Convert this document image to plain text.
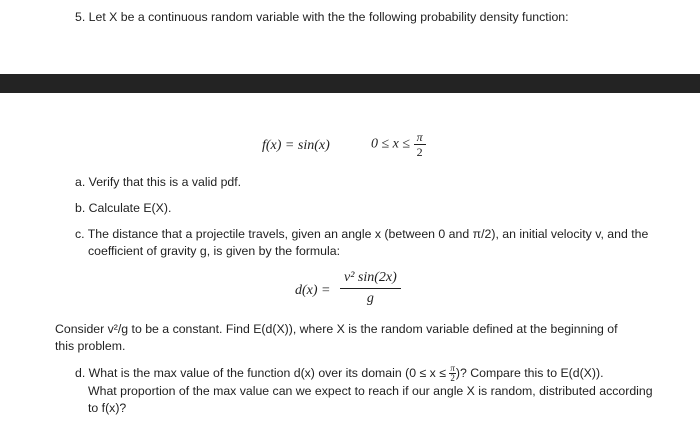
5. Let X be a continuous random variable with the the following probability density function:
f(x) = sin(x)	$0 \le x \le \frac{\pi}{2}$
a. Verify that this is a valid pdf.
b. Calculate E(X).
c. The distance that a projectile travels, given an angle x (between 0 and π/2), an initial velocity v, and the
coefficient of gravity g, is given by the formula:
$d(x) = \frac{\text{v² sin(2x)}}{g}$
Consider v²/g to be a constant. Find E(d(X)), where X is the random variable defined at the beginning of
this problem.
d. What is the max value of the function d(x) over its domain ($0 \le x \le \frac{\pi}{2}$ )? Compare this to E(d(X)).
What proportion of the max value can we expect to reach if our angle X is random, distributed according
to f(x)?
